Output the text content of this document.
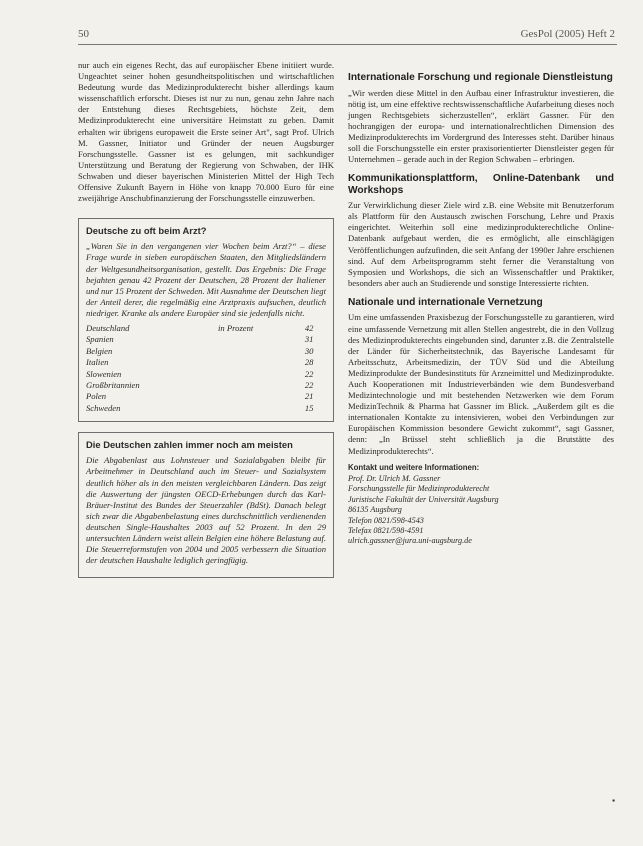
50	GesPol (2005) Heft 2

nur auch ein eigenes Recht, das auf europäischer Ebene initiiert wurde. Ungeachtet seiner hohen gesundheitspolitischen und wirtschaftlichen Bedeutung wurde das Medizinprodukterecht bisher allerdings kaum wissenschaftlich erforscht. Dieses ist nur zu nun, genau zehn Jahre nach der Entstehung dieses Rechtsgebiets, höchste Zeit, dem Medizinprodukterecht eine universitäre Heimstatt zu geben. Damit erhalten wir übrigens europaweit die Erste seiner Art", sagt Prof. Ulrich M. Gassner, Initiator und Gründer der neuen Augsburger Forschungsstelle. Gassner ist es gelungen, mit sachkundiger Unterstützung und Beratung der Regierung von Schwaben, der IHK Schwaben und dieser bayerischen Ministerien Mittel der High Tech Offensive Zukunft Bayern in Höhe von knapp 70.000 Euro für eine zweijährige Anschubfinanzierung der Forschungsstelle einzuwerben.

Deutsche zu oft beim Arzt?

„Waren Sie in den vergangenen vier Wochen beim Arzt?“ – diese Frage wurde in sieben europäischen Staaten, den Mitgliedsländern der Weltgesundheitsorganisation, gestellt. Das Ergebnis: Die Frage bejahten genau 42 Prozent der Deutschen, 28 Prozent der Italiener und nur 15 Prozent der Schweden. Mit Ausnahme der Deutschen liegt der Anteil derer, die regelmäßig eine Arztpraxis aufsuchen, deutlich niedriger. Kranke als andere Europäer sind sie jedenfalls nicht.

Deutschland	in Prozent	42
Spanien		31
Belgien		30
Italien		28
Slowenien		22
Großbritannien		22
Polen		21
Schweden		15
Die Deutschen zahlen immer noch am meisten

Die Abgabenlast aus Lohnsteuer und Sozialabgaben bleibt für Arbeitnehmer in Deutschland auch im Steuer- und Sozialsystem deutlich höher als in den meisten vergleichbaren Ländern. Das zeigt die Auswertung der jüngsten OECD-Erhebungen durch das Karl-Bräuer-Institut des Bundes der Steuerzahler (BdSt). Danach belegt sich zwar die Abgabenbelastung eines durchschnittlich verdienenden deutschen Single-Haushaltes 2003 auf 52 Prozent. In den 29 untersuchten Ländern weist allein Belgien eine höhere Belastung auf. Die Steuerreformstufen von 2004 und 2005 verbessern die Situation der deutschen Haushalte lediglich geringfügig.

Internationale Forschung und regionale Dienstleistung

„Wir werden diese Mittel in den Aufbau einer Infrastruktur investieren, die nötig ist, um eine effektive rechtswissenschaftliche Aufarbeitung dieses noch jungen Rechtsgebiets sicherzustellen“, erklärt Gassner. Für den hochrangigen der europa- und internationalrechtlichen Dimension des Medizinprodukterechts im Vordergrund des Interesses steht. Darüber hinaus soll die Forschungsstelle ein erster praxisorientierter Dienstleister gegen für Unternehmen – gerade auch in der Region Schwaben – erbringen.

Kommunikationsplattform, Online-Datenbank und Workshops

Zur Verwirklichung dieser Ziele wird z.B. eine Website mit Benutzerforum als Plattform für den Austausch zwischen Forschung, Lehre und Praxis eingerichtet. Weiterhin soll eine medizinprodukterechtliche Online-Datenbank aufgebaut werden, die es ermöglicht, alle einschlägigen Veröffentlichungen aufzufinden, die seit Anfang der 1990er Jahre erschienen sind. Auf dem Arbeitsprogramm steht ferner die Veranstaltung von Symposien und Workshops, die sich an Wissenschaftler und Praktiker, besonders aber auch an Studierende und sonstige Interessierte richten.

Nationale und internationale Vernetzung

Um eine umfassenden Praxisbezug der Forschungsstelle zu garantieren, wird eine umfassende Vernetzung mit allen Stellen angestrebt, die in den Vollzug des Medizinprodukterechts eingebunden sind, darunter z.B. die Zentralstelle der Länder für Sicherheitstechnik, das Bayerische Landesamt für Arbeitsschutz, Arbeitsmedizin, der TÜV Süd und die Abteilung Medizinprodukte der Bundesinstituts für Arzneimittel und Medizinprodukte. Auch Kooperationen mit Industrieverbänden wie dem Bundesverband Medizintechnologie und mit bestehenden Netzwerken wie dem Forum MedizinTechnik & Pharma hat Gassner im Blick. „Außerdem gilt es die internationalen Kontakte zu intensivieren, wobei den Verbindungen zur Europäischen Kommission besondere Gewicht zukommt“, sagt Gassner, denn: „In Brüssel steht schließlich ja die Brutstätte des Medizinprodukterechts“.

Kontakt und weitere Informationen:
Prof. Dr. Ulrich M. Gassner
Forschungsstelle für Medizinprodukterecht
Juristische Fakultät der Universität Augsburg
86135 Augsburg
Telefon 0821/598-4543
Telefax 0821/598-4591
ulrich.gassner@jura.uni-augsburg.de
▪
